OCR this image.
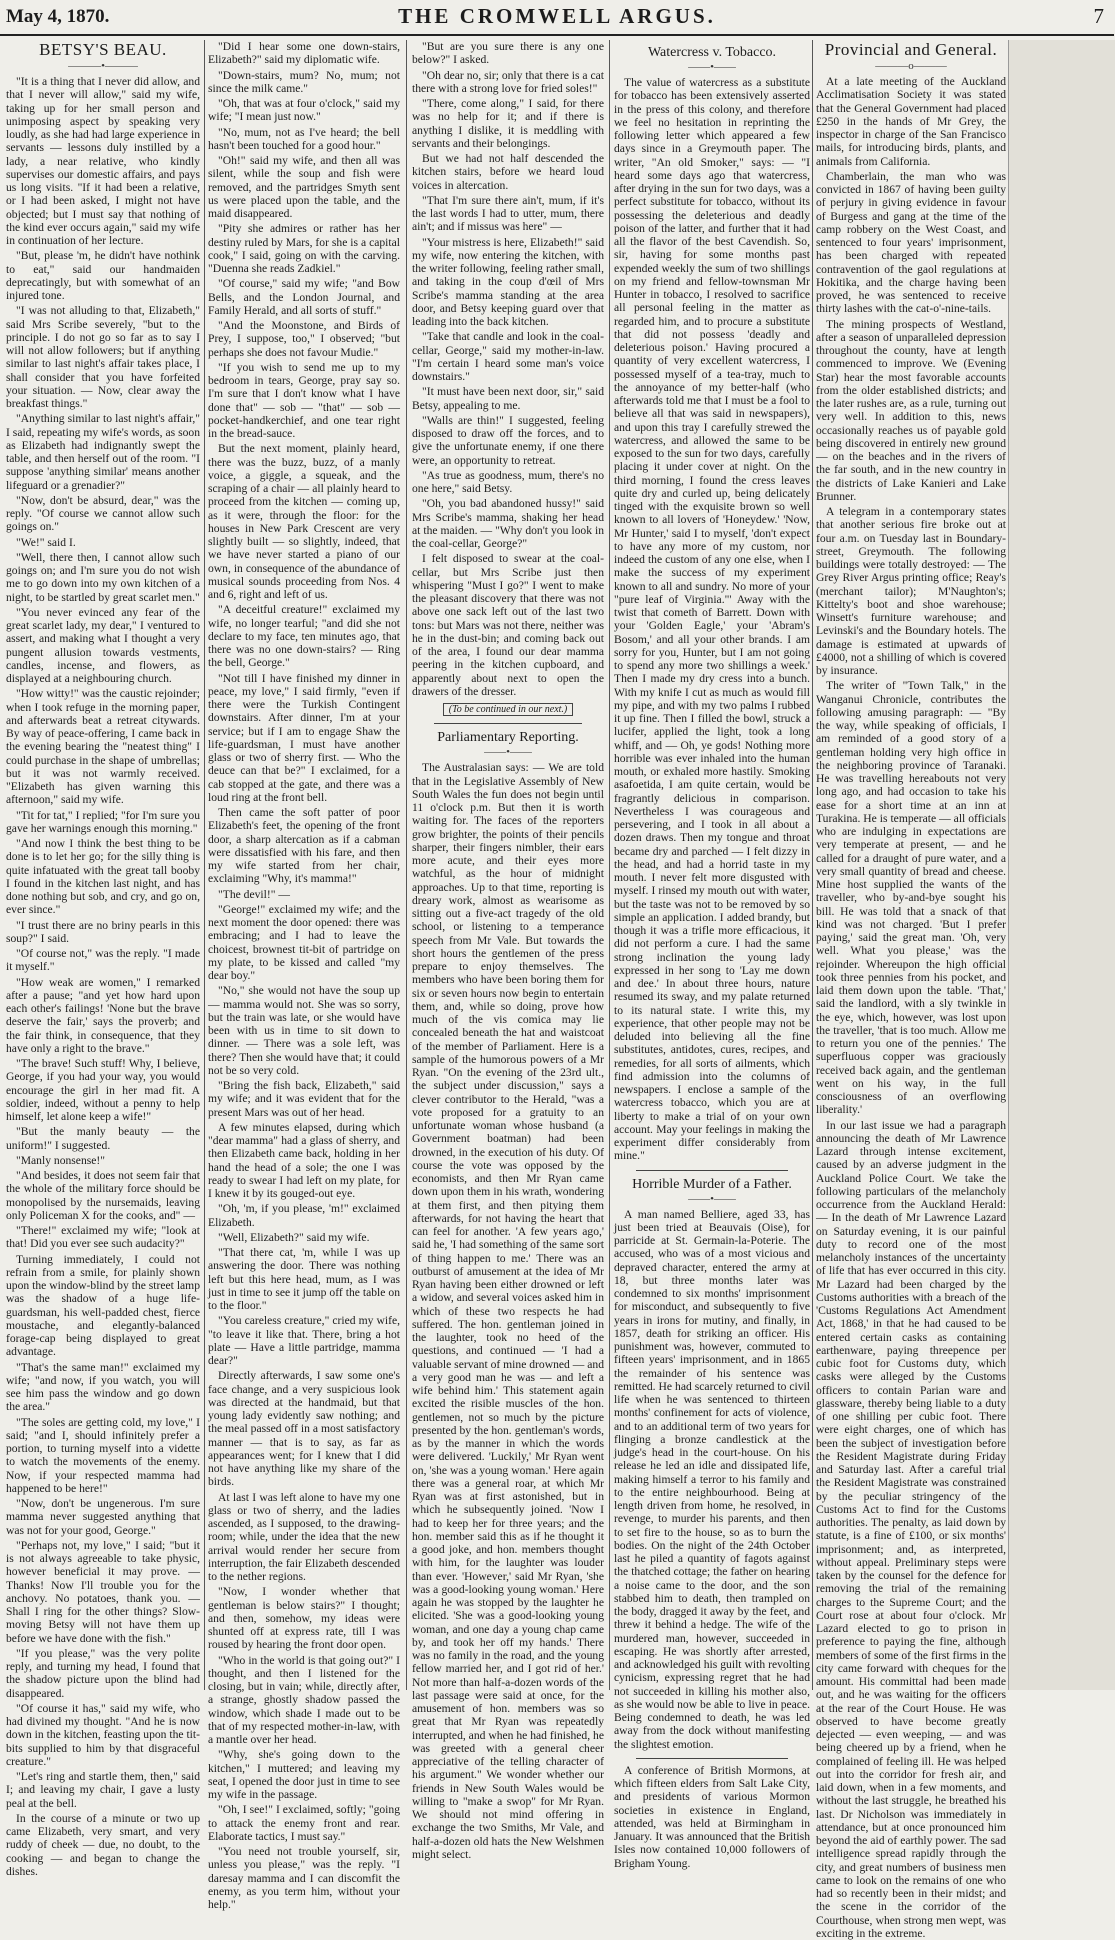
May 4, 1870.	THE CROMWELL ARGUS.	7
BETSY'S BEAU.
———•———

"It is a thing that I never did allow, and that I never will allow," said my wife, taking up for her small person and unimposing aspect by speaking very loudly, as she had had large experience in servants — lessons duly instilled by a lady, a near relative, who kindly supervises our domestic affairs, and pays us long visits. "If it had been a relative, or I had been asked, I might not have objected; but I must say that nothing of the kind ever occurs again," said my wife in continuation of her lecture.

"But, please 'm, he didn't have nothink to eat," said our handmaiden deprecatingly, but with somewhat of an injured tone.

"I was not alluding to that, Elizabeth," said Mrs Scribe severely, "but to the principle. I do not go so far as to say I will not allow followers; but if anything similar to last night's affair takes place, I shall consider that you have forfeited your situation. — Now, clear away the breakfast things."

"Anything similar to last night's affair," I said, repeating my wife's words, as soon as Elizabeth had indignantly swept the table, and then herself out of the room. "I suppose 'anything similar' means another lifeguard or a grenadier?"

"Now, don't be absurd, dear," was the reply. "Of course we cannot allow such goings on."

"We!" said I.

"Well, there then, I cannot allow such goings on; and I'm sure you do not wish me to go down into my own kitchen of a night, to be startled by great scarlet men."

"You never evinced any fear of the great scarlet lady, my dear," I ventured to assert, and making what I thought a very pungent allusion towards vestments, candles, incense, and flowers, as displayed at a neighbouring church.

"How witty!" was the caustic rejoinder; when I took refuge in the morning paper, and afterwards beat a retreat citywards. By way of peace-offering, I came back in the evening bearing the "neatest thing" I could purchase in the shape of umbrellas; but it was not warmly received. "Elizabeth has given warning this afternoon," said my wife.

"Tit for tat," I replied; "for I'm sure you gave her warnings enough this morning."

"And now I think the best thing to be done is to let her go; for the silly thing is quite infatuated with the great tall booby I found in the kitchen last night, and has done nothing but sob, and cry, and go on, ever since."

"I trust there are no briny pearls in this soup?" I said.

"Of course not," was the reply. "I made it myself."

"How weak are women," I remarked after a pause; "and yet how hard upon each other's failings! 'None but the brave deserve the fair,' says the proverb; and the fair think, in consequence, that they have only a right to the brave."

"The brave! Such stuff! Why, I believe, George, if you had your way, you would encourage the girl in her mad fit. A soldier, indeed, without a penny to help himself, let alone keep a wife!"

"But the manly beauty — the uniform!" I suggested.

"Manly nonsense!"

"And besides, it does not seem fair that the whole of the military force should be monopolised by the nursemaids, leaving only Policeman X for the cooks, and" —

"There!" exclaimed my wife; "look at that! Did you ever see such audacity?"

Turning immediately, I could not refrain from a smile, for plainly shown upon the window-blind by the street lamp was the shadow of a huge life-guardsman, his well-padded chest, fierce moustache, and elegantly-balanced forage-cap being displayed to great advantage.

"That's the same man!" exclaimed my wife; "and now, if you watch, you will see him pass the window and go down the area."

"The soles are getting cold, my love," I said; "and I, should infinitely prefer a portion, to turning myself into a vidette to watch the movements of the enemy. Now, if your respected mamma had happened to be here!"

"Now, don't be ungenerous. I'm sure mamma never suggested anything that was not for your good, George."

"Perhaps not, my love," I said; "but it is not always agreeable to take physic, however beneficial it may prove. — Thanks! Now I'll trouble you for the anchovy. No potatoes, thank you. — Shall I ring for the other things? Slow-moving Betsy will not have them up before we have done with the fish."

"If you please," was the very polite reply, and turning my head, I found that the shadow picture upon the blind had disappeared.

"Of course it has," said my wife, who had divined my thought. "And he is now down in the kitchen, feasting upon the tit-bits supplied to him by that disgraceful creature."

"Let's ring and startle them, then," said I; and leaving my chair, I gave a lusty peal at the bell.

In the course of a minute or two up came Elizabeth, very smart, and very ruddy of cheek — due, no doubt, to the cooking — and began to change the dishes.

"Did I hear some one down-stairs, Elizabeth?" said my diplomatic wife.

"Down-stairs, mum? No, mum; not since the milk came."

"Oh, that was at four o'clock," said my wife; "I mean just now."

"No, mum, not as I've heard; the bell hasn't been touched for a good hour."

"Oh!" said my wife, and then all was silent, while the soup and fish were removed, and the partridges Smyth sent us were placed upon the table, and the maid disappeared.

"Pity she admires or rather has her destiny ruled by Mars, for she is a capital cook," I said, going on with the carving. "Duenna she reads Zadkiel."

"Of course," said my wife; "and Bow Bells, and the London Journal, and Family Herald, and all sorts of stuff."

"And the Moonstone, and Birds of Prey, I suppose, too," I observed; "but perhaps she does not favour Mudie."

"If you wish to send me up to my bedroom in tears, George, pray say so. I'm sure that I don't know what I have done that" — sob — "that" — sob — pocket-handkerchief, and one tear right in the bread-sauce.

But the next moment, plainly heard, there was the buzz, buzz, of a manly voice, a giggle, a squeak, and the scraping of a chair — all plainly heard to proceed from the kitchen — coming up, as it were, through the floor: for the houses in New Park Crescent are very slightly built — so slightly, indeed, that we have never started a piano of our own, in consequence of the abundance of musical sounds proceeding from Nos. 4 and 6, right and left of us.

"A deceitful creature!" exclaimed my wife, no longer tearful; "and did she not declare to my face, ten minutes ago, that there was no one down-stairs? — Ring the bell, George."

"Not till I have finished my dinner in peace, my love," I said firmly, "even if there were the Turkish Contingent downstairs. After dinner, I'm at your service; but if I am to engage Shaw the life-guardsman, I must have another glass or two of sherry first. — Who the deuce can that be?" I exclaimed, for a cab stopped at the gate, and there was a loud ring at the front bell.

Then came the soft patter of poor Elizabeth's feet, the opening of the front door, a sharp altercation as if a cabman were dissatisfied with his fare, and then my wife started from her chair, exclaiming "Why, it's mamma!"

"The devil!" —

"George!" exclaimed my wife; and the next moment the door opened: there was embracing; and I had to leave the choicest, brownest tit-bit of partridge on my plate, to be kissed and called "my dear boy."

"No," she would not have the soup up — mamma would not. She was so sorry, but the train was late, or she would have been with us in time to sit down to dinner. — There was a sole left, was there? Then she would have that; it could not be so very cold.

"Bring the fish back, Elizabeth," said my wife; and it was evident that for the present Mars was out of her head.

A few minutes elapsed, during which "dear mamma" had a glass of sherry, and then Elizabeth came back, holding in her hand the head of a sole; the one I was ready to swear I had left on my plate, for I knew it by its gouged-out eye.

"Oh, 'm, if you please, 'm!" exclaimed Elizabeth.

"Well, Elizabeth?" said my wife.

"That there cat, 'm, while I was up answering the door. There was nothing left but this here head, mum, as I was just in time to see it jump off the table on to the floor."

"You careless creature," cried my wife, "to leave it like that. There, bring a hot plate — Have a little partridge, mamma dear?"

Directly afterwards, I saw some one's face change, and a very suspicious look was directed at the handmaid, but that young lady evidently saw nothing; and the meal passed off in a most satisfactory manner — that is to say, as far as appearances went; for I knew that I did not have anything like my share of the birds.

At last I was left alone to have my one glass or two of sherry, and the ladies ascended, as I supposed, to the drawing-room; while, under the idea that the new arrival would render her secure from interruption, the fair Elizabeth descended to the nether regions.

"Now, I wonder whether that gentleman is below stairs?" I thought; and then, somehow, my ideas were shunted off at express rate, till I was roused by hearing the front door open.

"Who in the world is that going out?" I thought, and then I listened for the closing, but in vain; while, directly after, a strange, ghostly shadow passed the window, which shade I made out to be that of my respected mother-in-law, with a mantle over her head.

"Why, she's going down to the kitchen," I muttered; and leaving my seat, I opened the door just in time to see my wife in the passage.

"Oh, I see!" I exclaimed, softly; "going to attack the enemy front and rear. Elaborate tactics, I must say."

"You need not trouble yourself, sir, unless you please," was the reply. "I daresay mamma and I can discomfit the enemy, as you term him, without your help."

"But are you sure there is any one below?" I asked.

"Oh dear no, sir; only that there is a cat there with a strong love for fried soles!"

"There, come along," I said, for there was no help for it; and if there is anything I dislike, it is meddling with servants and their belongings.

But we had not half descended the kitchen stairs, before we heard loud voices in altercation.

"That I'm sure there ain't, mum, if it's the last words I had to utter, mum, there ain't; and if missus was here" —

"Your mistress is here, Elizabeth!" said my wife, now entering the kitchen, with the writer following, feeling rather small, and taking in the coup d'œil of Mrs Scribe's mamma standing at the area door, and Betsy keeping guard over that leading into the back kitchen.

"Take that candle and look in the coal-cellar, George," said my mother-in-law. "I'm certain I heard some man's voice downstairs."

"It must have been next door, sir," said Betsy, appealing to me.

"Walls are thin!" I suggested, feeling disposed to draw off the forces, and to give the unfortunate enemy, if one there were, an opportunity to retreat.

"As true as goodness, mum, there's no one here," said Betsy.

"Oh, you bad abandoned hussy!" said Mrs Scribe's mamma, shaking her head at the maiden. — "Why don't you look in the coal-cellar, George?"

I felt disposed to swear at the coal-cellar, but Mrs Scribe just then whispering "Must I go?" I went to make the pleasant discovery that there was not above one sack left out of the last two tons: but Mars was not there, neither was he in the dust-bin; and coming back out of the area, I found our dear mamma peering in the kitchen cupboard, and apparently about next to open the drawers of the dresser.

(To be continued in our next.)
Parliamentary Reporting.
——•——

The Australasian says: — We are told that in the Legislative Assembly of New South Wales the fun does not begin until 11 o'clock p.m. But then it is worth waiting for. The faces of the reporters grow brighter, the points of their pencils sharper, their fingers nimbler, their ears more acute, and their eyes more watchful, as the hour of midnight approaches. Up to that time, reporting is dreary work, almost as wearisome as sitting out a five-act tragedy of the old school, or listening to a temperance speech from Mr Vale. But towards the short hours the gentlemen of the press prepare to enjoy themselves. The members who have been boring them for six or seven hours now begin to entertain them, and, while so doing, prove how much of the vis comica may lie concealed beneath the hat and waistcoat of the member of Parliament. Here is a sample of the humorous powers of a Mr Ryan. "On the evening of the 23rd ult., the subject under discussion," says a clever contributor to the Herald, "was a vote proposed for a gratuity to an unfortunate woman whose husband (a Government boatman) had been drowned, in the execution of his duty. Of course the vote was opposed by the economists, and then Mr Ryan came down upon them in his wrath, wondering at them first, and then pitying them afterwards, for not having the heart that can feel for another. 'A few years ago,' said he, 'I had something of the same sort of thing happen to me.' There was an outburst of amusement at the idea of Mr Ryan having been either drowned or left a widow, and several voices asked him in which of these two respects he had suffered. The hon. gentleman joined in the laughter, took no heed of the questions, and continued — 'I had a valuable servant of mine drowned — and a very good man he was — and left a wife behind him.' This statement again excited the risible muscles of the hon. gentlemen, not so much by the picture presented by the hon. gentleman's words, as by the manner in which the words were delivered. 'Luckily,' Mr Ryan went on, 'she was a young woman.' Here again there was a general roar, at which Mr Ryan was at first astonished, but in which he subsequently joined. 'Now I had to keep her for three years; and the hon. member said this as if he thought it a good joke, and hon. members thought with him, for the laughter was louder than ever. 'However,' said Mr Ryan, 'she was a good-looking young woman.' Here again he was stopped by the laughter he elicited. 'She was a good-looking young woman, and one day a young chap came by, and took her off my hands.' There was no family in the road, and the young fellow married her, and I got rid of her.' Not more than half-a-dozen words of the last passage were said at once, for the amusement of hon. members was so great that Mr Ryan was repeatedly interrupted, and when he had finished, he was greeted with a general cheer appreciative of the telling character of his argument." We wonder whether our friends in New South Wales would be willing to "make a swop" for Mr Ryan. We should not mind offering in exchange the two Smiths, Mr Vale, and half-a-dozen old hats the New Welshmen might select.

Watercress v. Tobacco.
——•——

The value of watercress as a substitute for tobacco has been extensively asserted in the press of this colony, and therefore we feel no hesitation in reprinting the following letter which appeared a few days since in a Greymouth paper. The writer, "An old Smoker," says: — "I heard some days ago that watercress, after drying in the sun for two days, was a perfect substitute for tobacco, without its possessing the deleterious and deadly poison of the latter, and further that it had all the flavor of the best Cavendish. So, sir, having for some months past expended weekly the sum of two shillings on my friend and fellow-townsman Mr Hunter in tobacco, I resolved to sacrifice all personal feeling in the matter as regarded him, and to procure a substitute that did not possess 'deadly and deleterious poison.' Having procured a quantity of very excellent watercress, I possessed myself of a tea-tray, much to the annoyance of my better-half (who afterwards told me that I must be a fool to believe all that was said in newspapers), and upon this tray I carefully strewed the watercress, and allowed the same to be exposed to the sun for two days, carefully placing it under cover at night. On the third morning, I found the cress leaves quite dry and curled up, being delicately tinged with the exquisite brown so well known to all lovers of 'Honeydew.' 'Now, Mr Hunter,' said I to myself, 'don't expect to have any more of my custom, nor indeed the custom of any one else, when I make the success of my experiment known to all and sundry. No more of your "pure leaf of Virginia."' Away with the twist that cometh of Barrett. Down with your 'Golden Eagle,' your 'Abram's Bosom,' and all your other brands. I am sorry for you, Hunter, but I am not going to spend any more two shillings a week.' Then I made my dry cress into a bunch. With my knife I cut as much as would fill my pipe, and with my two palms I rubbed it up fine. Then I filled the bowl, struck a lucifer, applied the light, took a long whiff, and — Oh, ye gods! Nothing more horrible was ever inhaled into the human mouth, or exhaled more hastily. Smoking asafoetida, I am quite certain, would be fragrantly delicious in comparison. Nevertheless I was courageous and persevering, and I took in all about a dozen draws. Then my tongue and throat became dry and parched — I felt dizzy in the head, and had a horrid taste in my mouth. I never felt more disgusted with myself. I rinsed my mouth out with water, but the taste was not to be removed by so simple an application. I added brandy, but though it was a trifle more efficacious, it did not perform a cure. I had the same strong inclination the young lady expressed in her song to 'Lay me down and dee.' In about three hours, nature resumed its sway, and my palate returned to its natural state. I write this, my experience, that other people may not be deluded into believing all the fine substitutes, antidotes, cures, recipes, and remedies, for all sorts of ailments, which find admission into the columns of newspapers. I enclose a sample of the watercress tobacco, which you are at liberty to make a trial of on your own account. May your feelings in making the experiment differ considerably from mine."

Horrible Murder of a Father.
——•——

A man named Belliere, aged 33, has just been tried at Beauvais (Oise), for parricide at St. Germain-la-Poterie. The accused, who was of a most vicious and depraved character, entered the army at 18, but three months later was condemned to six months' imprisonment for misconduct, and subsequently to five years in irons for mutiny, and finally, in 1857, death for striking an officer. His punishment was, however, commuted to fifteen years' imprisonment, and in 1865 the remainder of his sentence was remitted. He had scarcely returned to civil life when he was sentenced to thirteen months' confinement for acts of violence, and to an additional term of two years for flinging a bronze candlestick at the judge's head in the court-house. On his release he led an idle and dissipated life, making himself a terror to his family and to the entire neighbourhood. Being at length driven from home, he resolved, in revenge, to murder his parents, and then to set fire to the house, so as to burn the bodies. On the night of the 24th October last he piled a quantity of fagots against the thatched cottage; the father on hearing a noise came to the door, and the son stabbed him to death, then trampled on the body, dragged it away by the feet, and threw it behind a hedge. The wife of the murdered man, however, succeeded in escaping. He was shortly after arrested, and acknowledged his guilt with revolting cynicism, expressing regret that he had not succeeded in killing his mother also, as she would now be able to live in peace. Being condemned to death, he was led away from the dock without manifesting the slightest emotion.

A conference of British Mormons, at which fifteen elders from Salt Lake City, and presidents of various Mormon societies in existence in England, attended, was held at Birmingham in January. It was announced that the British Isles now contained 10,000 followers of Brigham Young.

Provincial and General.
———o———

At a late meeting of the Auckland Acclimatisation Society it was stated that the General Government had placed £250 in the hands of Mr Grey, the inspector in charge of the San Francisco mails, for introducing birds, plants, and animals from California.

Chamberlain, the man who was convicted in 1867 of having been guilty of perjury in giving evidence in favour of Burgess and gang at the time of the camp robbery on the West Coast, and sentenced to four years' imprisonment, has been charged with repeated contravention of the gaol regulations at Hokitika, and the charge having been proved, he was sentenced to receive thirty lashes with the cat-o'-nine-tails.

The mining prospects of Westland, after a season of unparalleled depression throughout the county, have at length commenced to improve. We (Evening Star) hear the most favorable accounts from the older established districts; and the later rushes are, as a rule, turning out very well. In addition to this, news occasionally reaches us of payable gold being discovered in entirely new ground — on the beaches and in the rivers of the far south, and in the new country in the districts of Lake Kanieri and Lake Brunner.

A telegram in a contemporary states that another serious fire broke out at four a.m. on Tuesday last in Boundary-street, Greymouth. The following buildings were totally destroyed: — The Grey River Argus printing office; Reay's (merchant tailor); M'Naughton's; Kittelty's boot and shoe warehouse; Winsett's furniture warehouse; and Levinski's and the Boundary hotels. The damage is estimated at upwards of £4000, not a shilling of which is covered by insurance.

The writer of "Town Talk," in the Wanganui Chronicle, contributes the following amusing paragraph: — "By the way, while speaking of officials, I am reminded of a good story of a gentleman holding very high office in the neighboring province of Taranaki. He was travelling hereabouts not very long ago, and had occasion to take his ease for a short time at an inn at Turakina. He is temperate — all officials who are indulging in expectations are very temperate at present, — and he called for a draught of pure water, and a very small quantity of bread and cheese. Mine host supplied the wants of the traveller, who by-and-bye sought his bill. He was told that a snack of that kind was not charged. 'But I prefer paying,' said the great man. 'Oh, very well. What you please,' was the rejoinder. Whereupon the high official took three pennies from his pocket, and laid them down upon the table. 'That,' said the landlord, with a sly twinkle in the eye, which, however, was lost upon the traveller, 'that is too much. Allow me to return you one of the pennies.' The superfluous copper was graciously received back again, and the gentleman went on his way, in the full consciousness of an overflowing liberality.'

In our last issue we had a paragraph announcing the death of Mr Lawrence Lazard through intense excitement, caused by an adverse judgment in the Auckland Police Court. We take the following particulars of the melancholy occurrence from the Auckland Herald: — In the death of Mr Lawrence Lazard on Saturday evening, it is our painful duty to record one of the most melancholy instances of the uncertainty of life that has ever occurred in this city. Mr Lazard had been charged by the Customs authorities with a breach of the 'Customs Regulations Act Amendment Act, 1868,' in that he had caused to be entered certain casks as containing earthenware, paying threepence per cubic foot for Customs duty, which casks were alleged by the Customs officers to contain Parian ware and glassware, thereby being liable to a duty of one shilling per cubic foot. There were eight charges, one of which has been the subject of investigation before the Resident Magistrate during Friday and Saturday last. After a careful trial the Resident Magistrate was constrained by the peculiar stringency of the Customs Act to find for the Customs authorities. The penalty, as laid down by statute, is a fine of £100, or six months' imprisonment; and, as interpreted, without appeal. Preliminary steps were taken by the counsel for the defence for removing the trial of the remaining charges to the Supreme Court; and the Court rose at about four o'clock. Mr Lazard elected to go to prison in preference to paying the fine, although members of some of the first firms in the city came forward with cheques for the amount. His committal had been made out, and he was waiting for the officers at the rear of the Court House. He was observed to have become greatly dejected — even weeping, — and was being cheered up by a friend, when he complained of feeling ill. He was helped out into the corridor for fresh air, and laid down, when in a few moments, and without the last struggle, he breathed his last. Dr Nicholson was immediately in attendance, but at once pronounced him beyond the aid of earthly power. The sad intelligence spread rapidly through the city, and great numbers of business men came to look on the remains of one who had so recently been in their midst; and the scene in the corridor of the Courthouse, when strong men wept, was exciting in the extreme.
